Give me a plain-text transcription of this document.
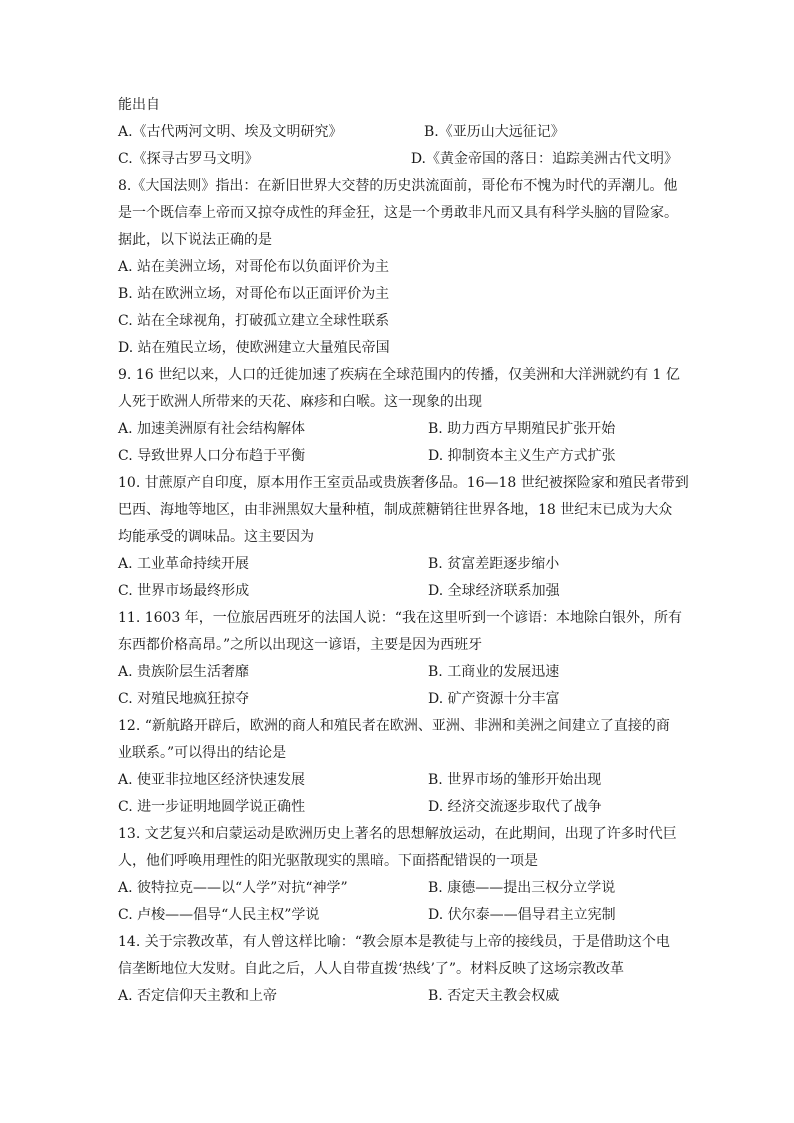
能出自
A.《古代两河文明、埃及文明研究》	B.《亚历山大远征记》
C.《探寻古罗马文明》	D.《黄金帝国的落日：追踪美洲古代文明》
8.《大国法则》指出：在新旧世界大交替的历史洪流面前，哥伦布不愧为时代的弄潮儿。他
是一个既信奉上帝而又掠夺成性的拜金狂，这是一个勇敢非凡而又具有科学头脑的冒险家。
据此，以下说法正确的是
A. 站在美洲立场，对哥伦布以负面评价为主
B. 站在欧洲立场，对哥伦布以正面评价为主
C. 站在全球视角，打破孤立建立全球性联系
D. 站在殖民立场，使欧洲建立大量殖民帝国
9. 16 世纪以来，人口的迁徙加速了疾病在全球范围内的传播，仅美洲和大洋洲就约有 1 亿
人死于欧洲人所带来的天花、麻疹和白喉。这一现象的出现
A. 加速美洲原有社会结构解体	B. 助力西方早期殖民扩张开始
C. 导致世界人口分布趋于平衡	D. 抑制资本主义生产方式扩张
10. 甘蔗原产自印度，原本用作王室贡品或贵族奢侈品。16—18 世纪被探险家和殖民者带到
巴西、海地等地区，由非洲黑奴大量种植，制成蔗糖销往世界各地，18 世纪末已成为大众
均能承受的调味品。这主要因为
A. 工业革命持续开展	B. 贫富差距逐步缩小
C. 世界市场最终形成	D. 全球经济联系加强
11. 1603 年，一位旅居西班牙的法国人说：“我在这里听到一个谚语：本地除白银外，所有
东西都价格高昂。”之所以出现这一谚语，主要是因为西班牙
A. 贵族阶层生活奢靡	B. 工商业的发展迅速
C. 对殖民地疯狂掠夺	D. 矿产资源十分丰富
12. “新航路开辟后，欧洲的商人和殖民者在欧洲、亚洲、非洲和美洲之间建立了直接的商
业联系。”可以得出的结论是
A. 使亚非拉地区经济快速发展	B. 世界市场的雏形开始出现
C. 进一步证明地圆学说正确性	D. 经济交流逐步取代了战争
13. 文艺复兴和启蒙运动是欧洲历史上著名的思想解放运动，在此期间，出现了许多时代巨
人，他们呼唤用理性的阳光驱散现实的黑暗。下面搭配错误的一项是
A. 彼特拉克——以“人学”对抗“神学”	B. 康德——提出三权分立学说
C. 卢梭——倡导“人民主权”学说	D. 伏尔泰——倡导君主立宪制
14. 关于宗教改革，有人曾这样比喻：“教会原本是教徒与上帝的接线员，于是借助这个电
信垄断地位大发财。自此之后，人人自带直拨‘热线’了”。材料反映了这场宗教改革
A. 否定信仰天主教和上帝	B. 否定天主教会权威
